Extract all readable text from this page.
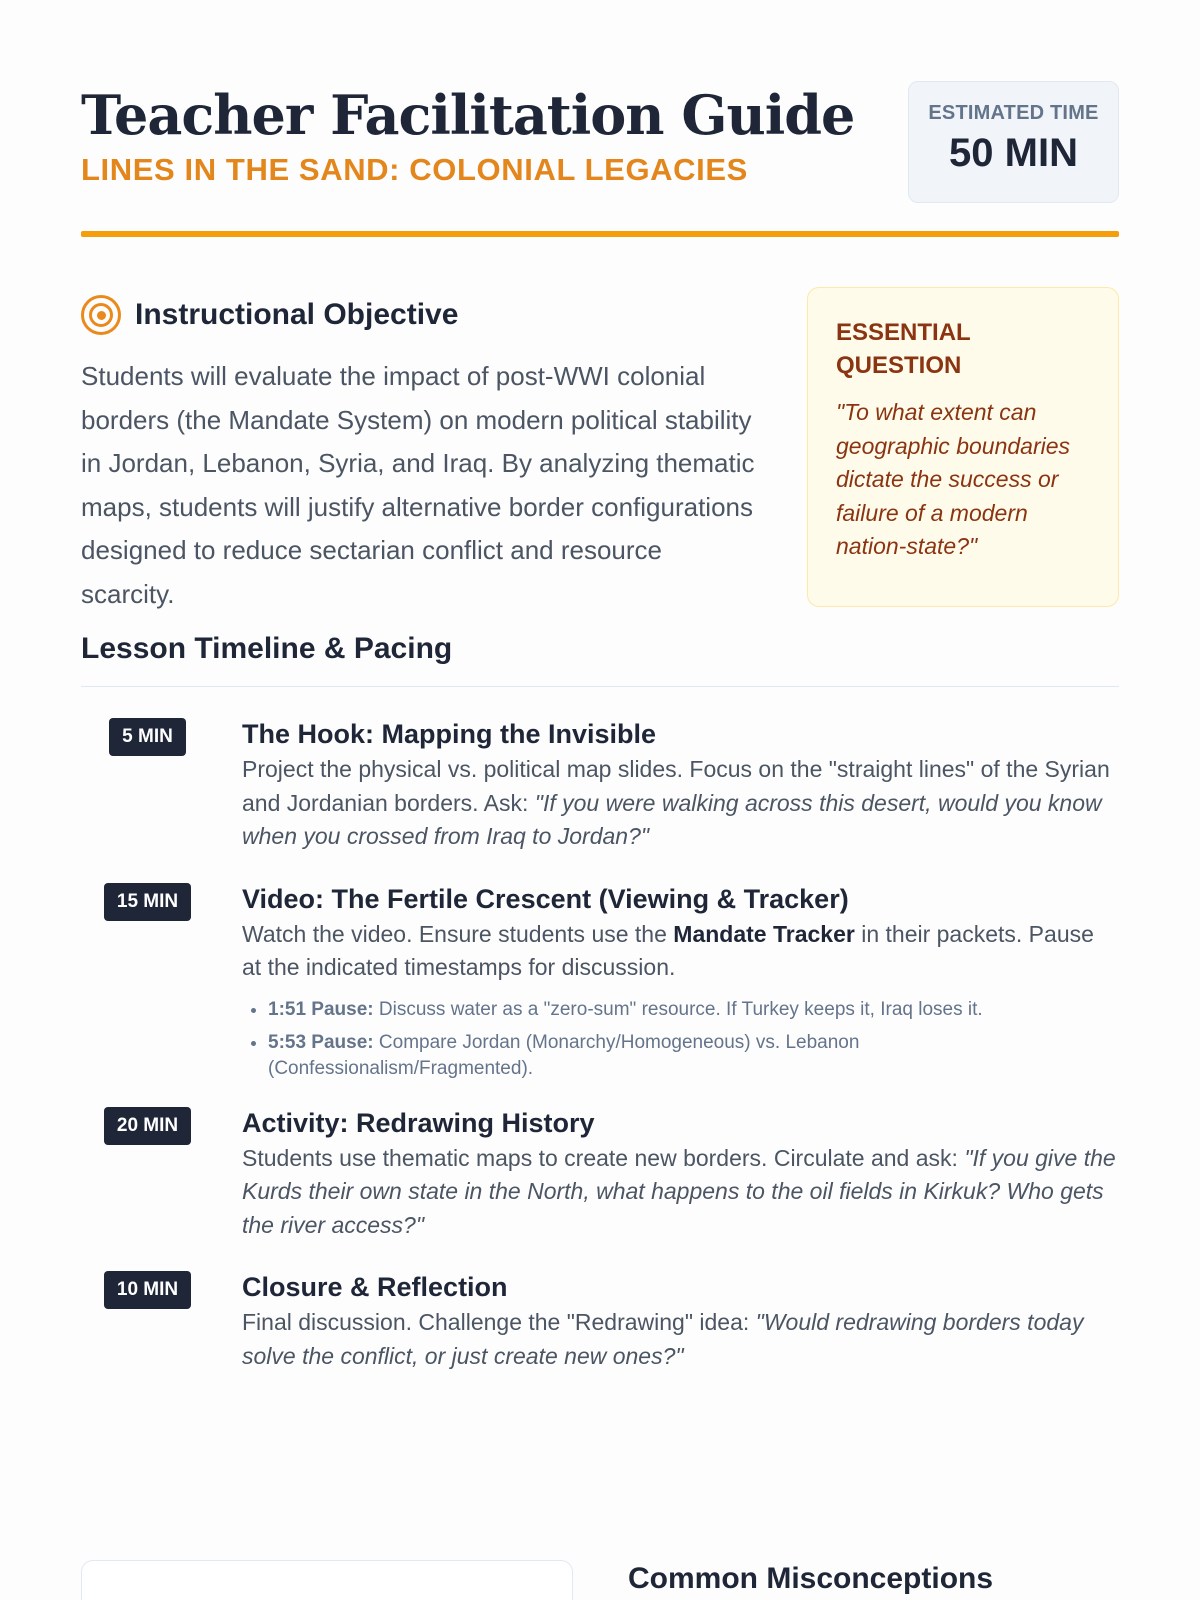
Teacher Facilitation Guide
LINES IN THE SAND: COLONIAL LEGACIES
ESTIMATED TIME
50 MIN
Instructional Objective

Students will evaluate the impact of post-WWI colonial borders (the Mandate System) on modern political stability in Jordan, Lebanon, Syria, and Iraq. By analyzing thematic maps, students will justify alternative border configurations designed to reduce sectarian conflict and resource scarcity.

ESSENTIAL QUESTION
"To what extent can geographic boundaries dictate the success or failure of a modern nation-state?"
Lesson Timeline & Pacing
5 MIN	The Hook: Mapping the Invisible
Project the physical vs. political map slides. Focus on the "straight lines" of the Syrian and Jordanian borders. Ask: "If you were walking across this desert, would you know when you crossed from Iraq to Jordan?"
15 MIN	Video: The Fertile Crescent (Viewing & Tracker)
Watch the video. Ensure students use the Mandate Tracker in their packets. Pause at the indicated timestamps for discussion.
• 1:51 Pause: Discuss water as a "zero-sum" resource. If Turkey keeps it, Iraq loses it.
• 5:53 Pause: Compare Jordan (Monarchy/Homogeneous) vs. Lebanon (Confessionalism/Fragmented).
20 MIN	Activity: Redrawing History
Students use thematic maps to create new borders. Circulate and ask: "If you give the Kurds their own state in the North, what happens to the oil fields in Kirkuk? Who gets the river access?"
10 MIN	Closure & Reflection
Final discussion. Challenge the "Redrawing" idea: "Would redrawing borders today solve the conflict, or just create new ones?"
Common Misconceptions
